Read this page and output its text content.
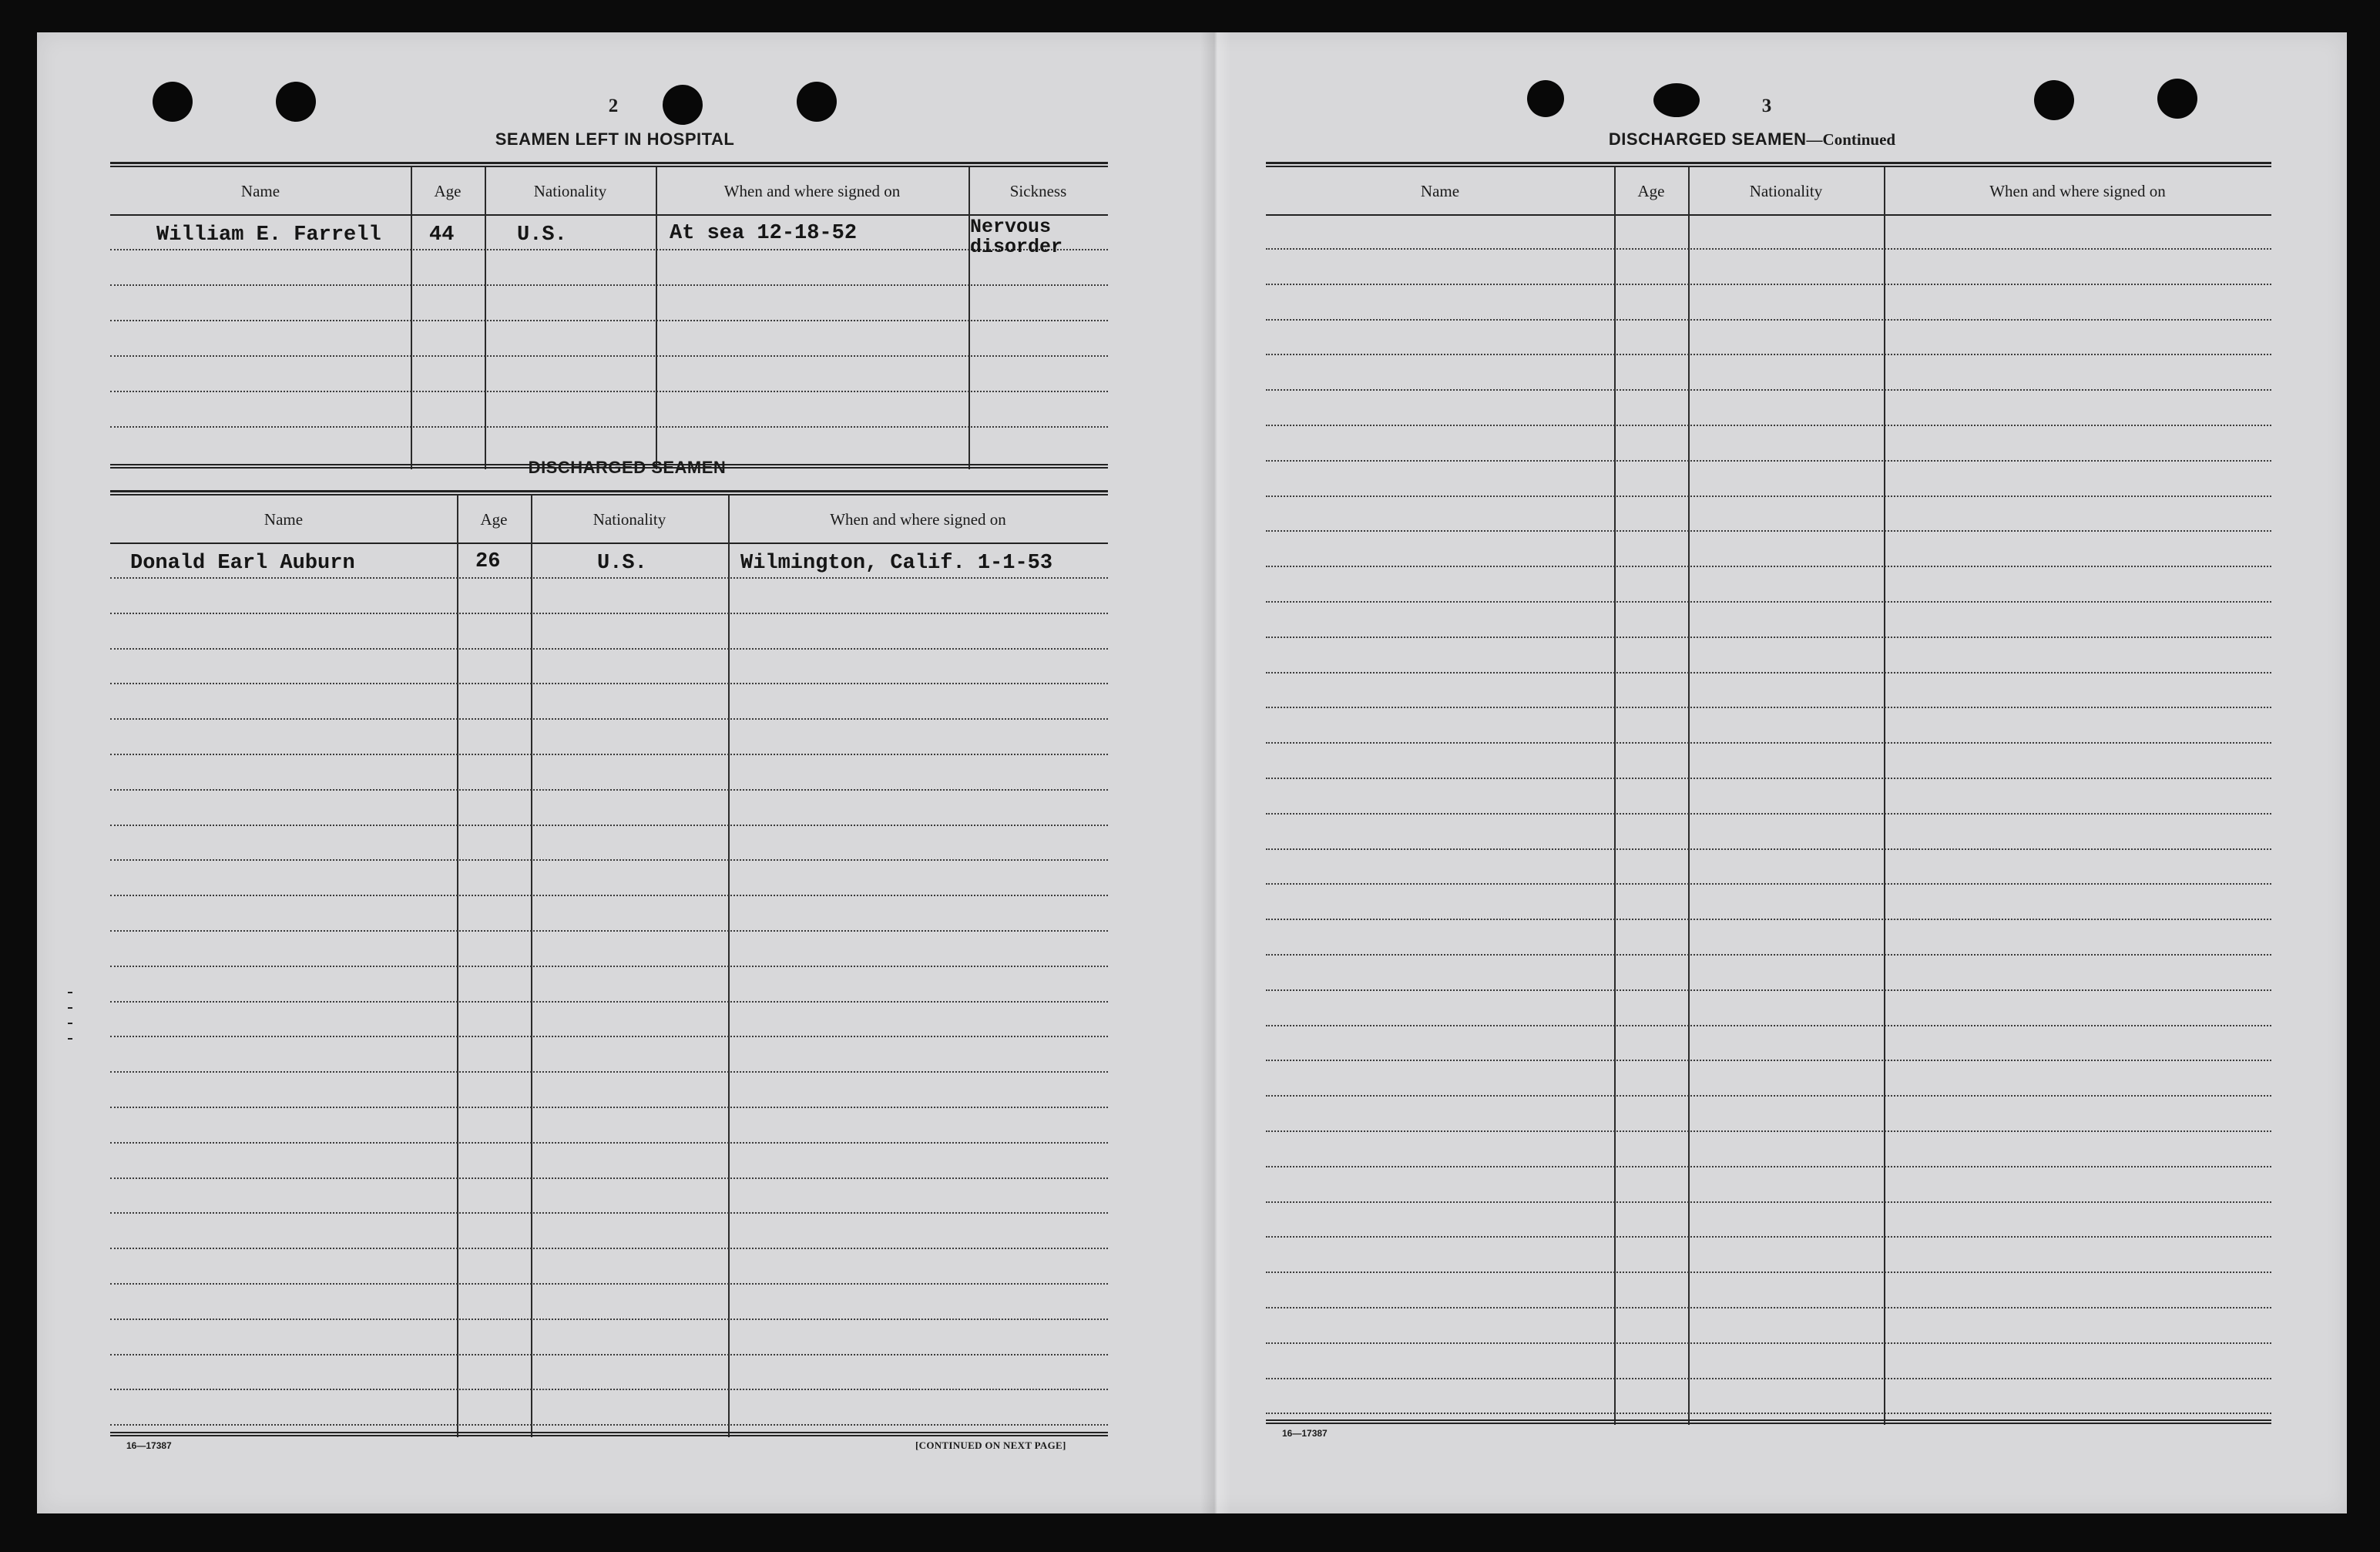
2
SEAMEN LEFT IN HOSPITAL
Name	Age	Nationality	When and where signed on	Sickness
William E. Farrell 44	U.S.	At sea 12-18-52	Nervous disorder
DISCHARGED SEAMEN
Name	Age	Nationality	When and where signed on
Donald Earl Auburn	26	U.S.	Wilmington, Calif. 1-1-53
16—17387	[CONTINUED ON NEXT PAGE]
3
DISCHARGED SEAMEN—Continued
Name	Age	Nationality	When and where signed on
16—17387
